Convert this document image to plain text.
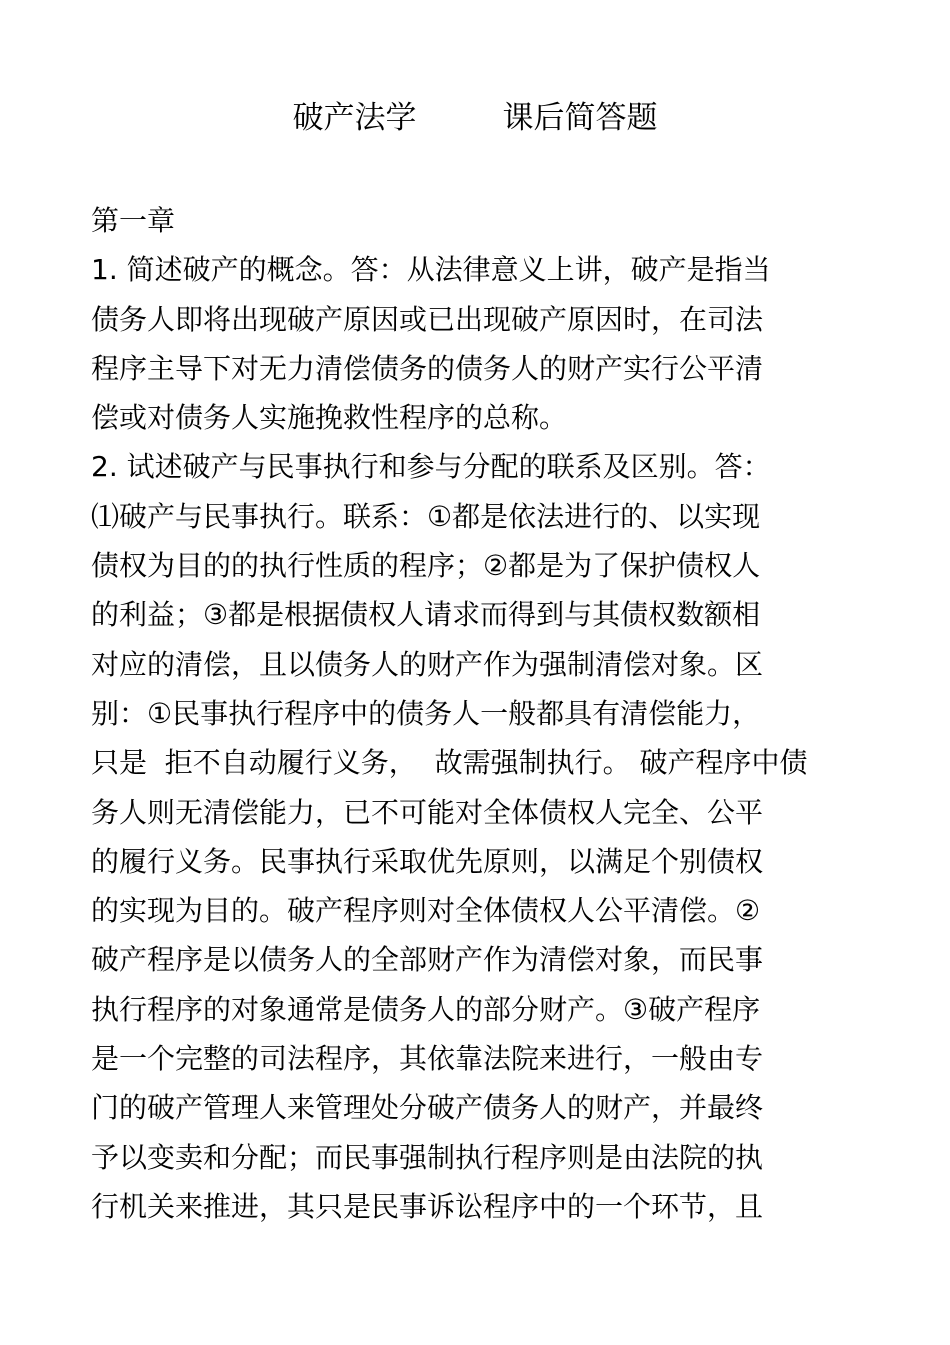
破产法学	课后简答题
第一章
1. 简述破产的概念。答：从法律意义上讲，破产是指当
债务人即将出现破产原因或已出现破产原因时，在司法
程序主导下对无力清偿债务的债务人的财产实行公平清
偿或对债务人实施挽救性程序的总称。
2. 试述破产与民事执行和参与分配的联系及区别。答：
⑴破产与民事执行。联系：①都是依法进行的、以实现
债权为目的的执行性质的程序；②都是为了保护债权人
的利益；③都是根据债权人请求而得到与其债权数额相
对应的清偿，且以债务人的财产作为强制清偿对象。区
别：①民事执行程序中的债务人一般都具有清偿能力，
只是  拒不自动履行义务，  故需强制执行。 破产程序中债
务人则无清偿能力，已不可能对全体债权人完全、公平
的履行义务。民事执行采取优先原则，以满足个别债权
的实现为目的。破产程序则对全体债权人公平清偿。②
破产程序是以债务人的全部财产作为清偿对象，而民事
执行程序的对象通常是债务人的部分财产。③破产程序
是一个完整的司法程序，其依靠法院来进行，一般由专
门的破产管理人来管理处分破产债务人的财产，并最终
予以变卖和分配；而民事强制执行程序则是由法院的执
行机关来推进，其只是民事诉讼程序中的一个环节，且
